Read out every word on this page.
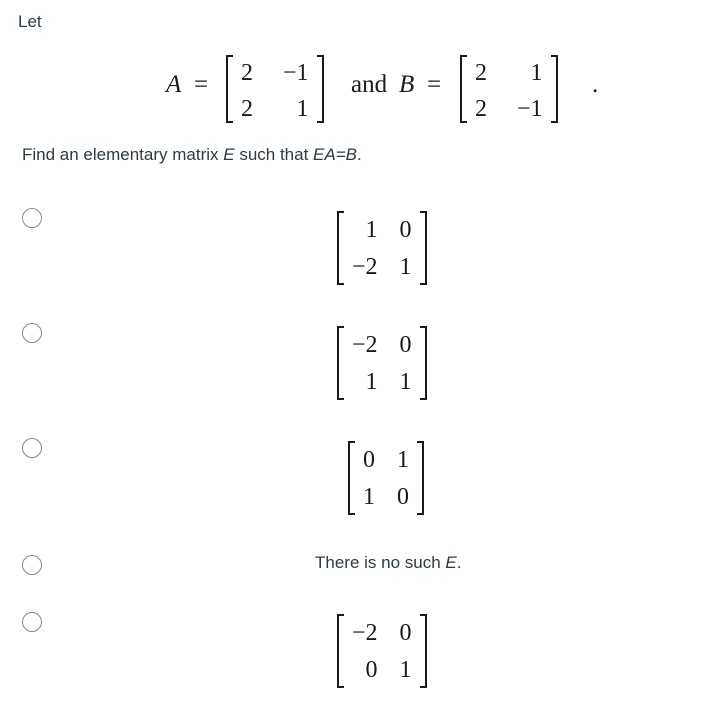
Let
A = 2 −1
2	1
and B = 2	1
2 −1
.
Find an elementary matrix E such that EA=B.
1 0
−2 1
−2 0
1 1
0 1
1 0
There is no such E.
−2 0
0 1
